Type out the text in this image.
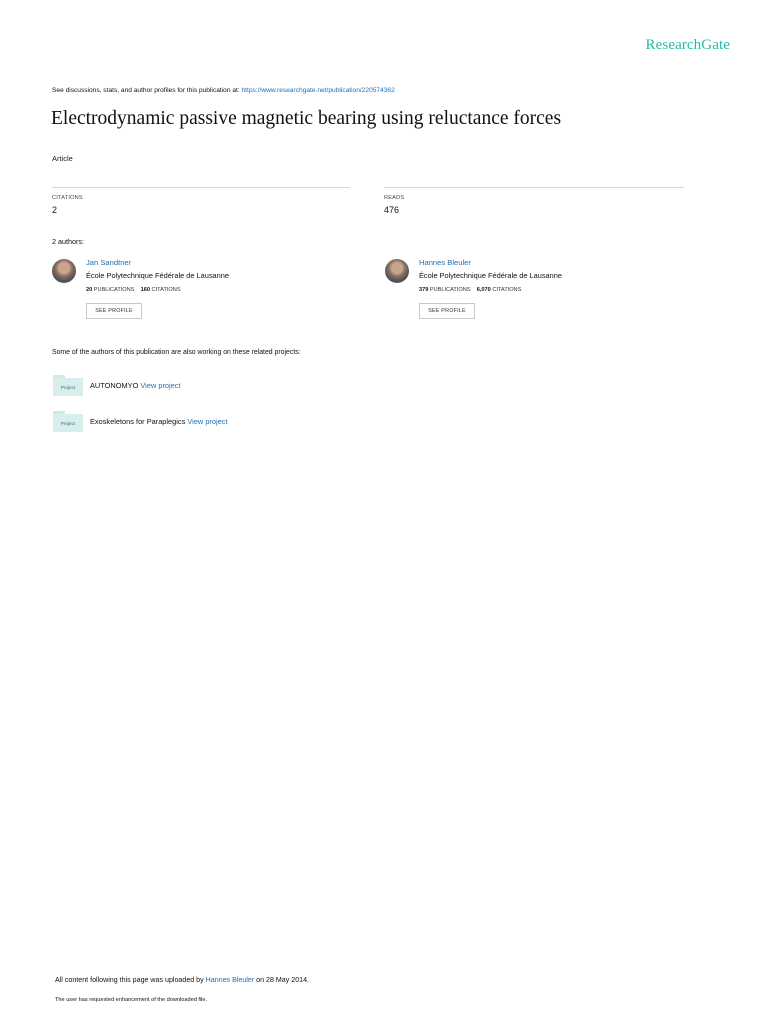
ResearchGate
See discussions, stats, and author profiles for this publication at: https://www.researchgate.net/publication/220574362
Electrodynamic passive magnetic bearing using reluctance forces
Article
CITATIONS
2
READS
476
2 authors:
Jan Sandtner
École Polytechnique Fédérale de Lausanne
20 PUBLICATIONS 160 CITATIONS
SEE PROFILE
Hannes Bleuler
École Polytechnique Fédérale de Lausanne
379 PUBLICATIONS 6,070 CITATIONS
SEE PROFILE
Some of the authors of this publication are also working on these related projects:
Project	AUTONOMYO View project
Project	Exoskeletons for Paraplegics View project
All content following this page was uploaded by Hannes Bleuler on 28 May 2014.
The user has requested enhancement of the downloaded file.
